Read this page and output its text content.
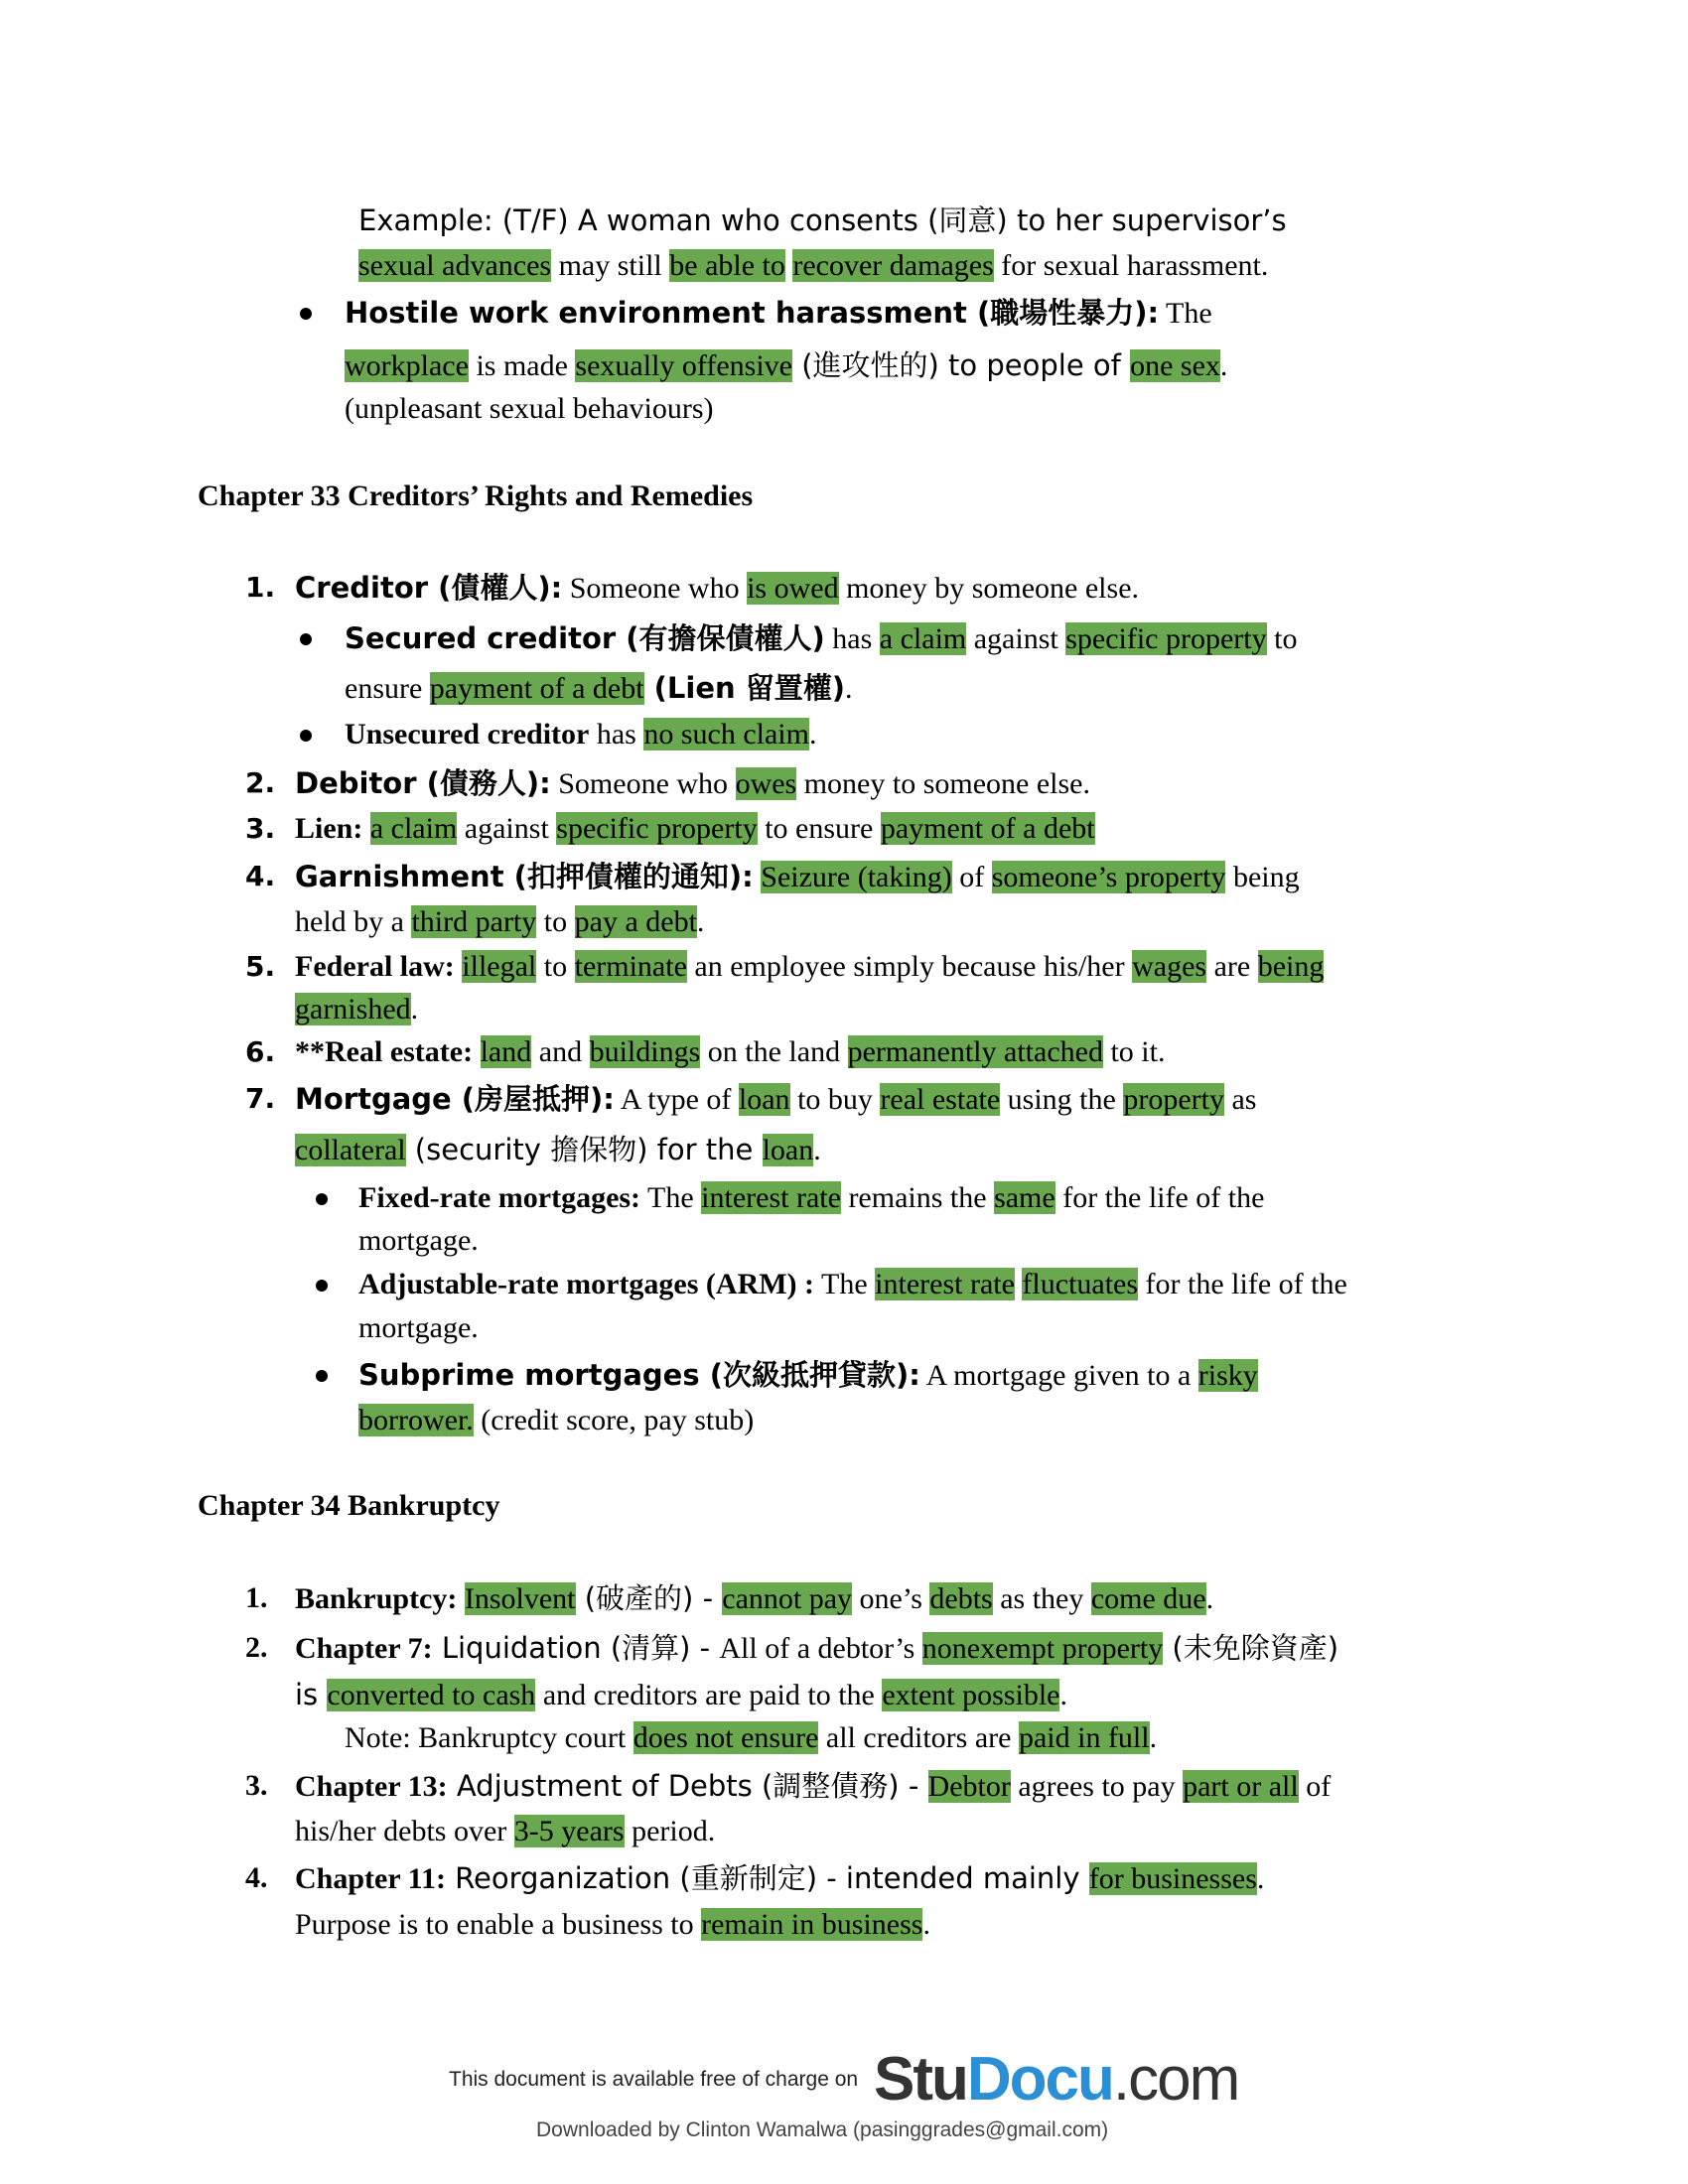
Example: (T/F) A woman who consents (同意) to her supervisor’s
sexual advances may still be able to recover damages for sexual harassment.
Hostile work environment harassment (職場性暴力): The
workplace is made sexually offensive (進攻性的) to people of one sex.
(unpleasant sexual behaviours)
Chapter 33 Creditors’ Rights and Remedies
1. Creditor (債權人): Someone who is owed money by someone else.
Secured creditor (有擔保債權人) has a claim against specific property to
ensure payment of a debt (Lien 留置權).
Unsecured creditor has no such claim.
2. Debitor (債務人): Someone who owes money to someone else.
3. Lien: a claim against specific property to ensure payment of a debt
4. Garnishment (扣押債權的通知): Seizure (taking) of someone’s property being
held by a third party to pay a debt.
5. Federal law: illegal to terminate an employee simply because his/her wages are being
garnished.
6. **Real estate: land and buildings on the land permanently attached to it.
7. Mortgage (房屋抵押): A type of loan to buy real estate using the property as
collateral (security 擔保物) for the loan.
Fixed-rate mortgages: The interest rate remains the same for the life of the
mortgage.
Adjustable-rate mortgages (ARM) : The interest rate fluctuates for the life of the
mortgage.
Subprime mortgages (次級抵押貸款): A mortgage given to a risky
borrower. (credit score, pay stub)
Chapter 34 Bankruptcy
1. Bankruptcy: Insolvent (破產的) - cannot pay one’s debts as they come due.
2. Chapter 7: Liquidation (清算) - All of a debtor’s nonexempt property (未免除資產)
is converted to cash and creditors are paid to the extent possible.
Note: Bankruptcy court does not ensure all creditors are paid in full.
3. Chapter 13: Adjustment of Debts (調整債務) - Debtor agrees to pay part or all of
his/her debts over 3-5 years period.
4. Chapter 11: Reorganization (重新制定) - intended mainly for businesses.
Purpose is to enable a business to remain in business.
This document is available free of charge on StuDocu.com
Downloaded by Clinton Wamalwa (pasinggrades@gmail.com)
